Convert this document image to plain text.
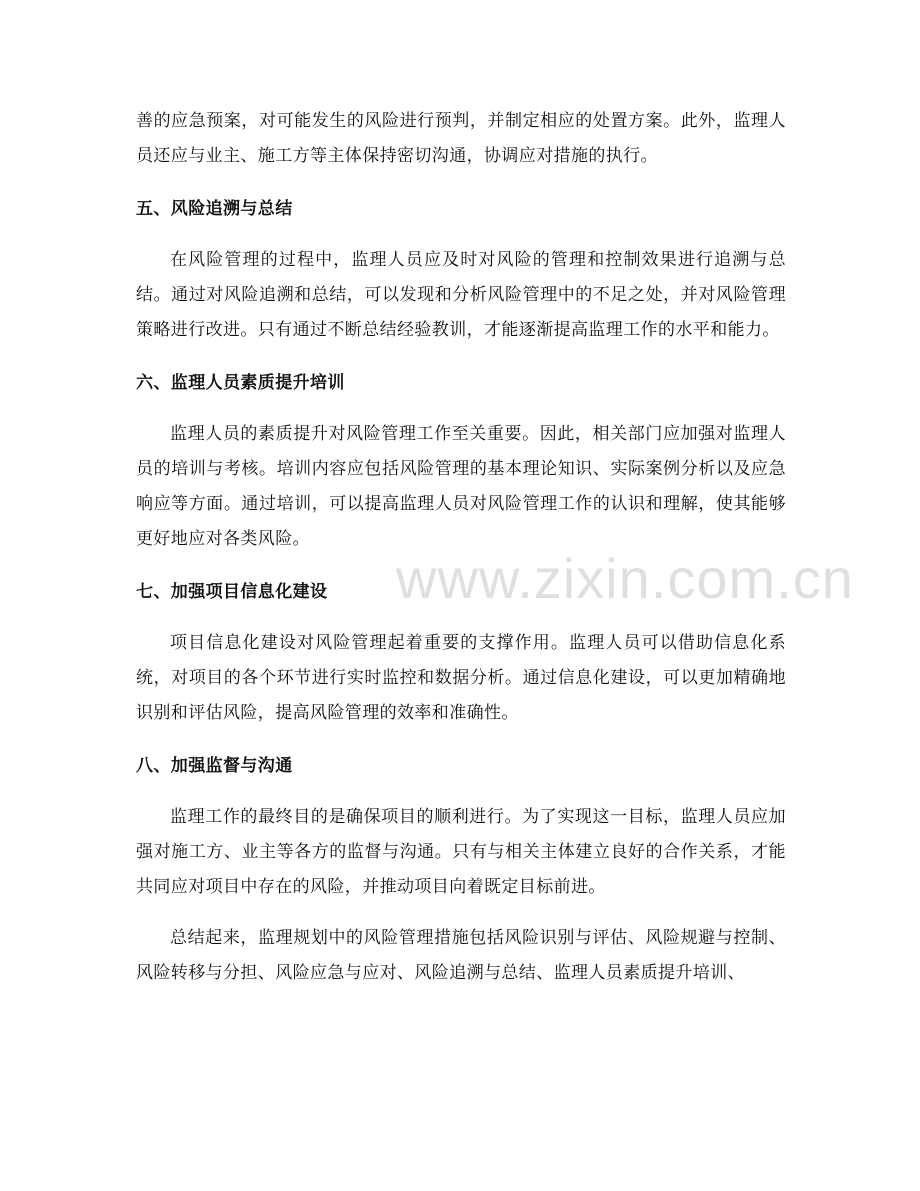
善的应急预案，对可能发生的风险进行预判，并制定相应的处置方案。此外，监理人员还应与业主、施工方等主体保持密切沟通，协调应对措施的执行。

五、风险追溯与总结

在风险管理的过程中，监理人员应及时对风险的管理和控制效果进行追溯与总结。通过对风险追溯和总结，可以发现和分析风险管理中的不足之处，并对风险管理策略进行改进。只有通过不断总结经验教训，才能逐渐提高监理工作的水平和能力。

六、监理人员素质提升培训

监理人员的素质提升对风险管理工作至关重要。因此，相关部门应加强对监理人员的培训与考核。培训内容应包括风险管理的基本理论知识、实际案例分析以及应急响应等方面。通过培训，可以提高监理人员对风险管理工作的认识和理解，使其能够更好地应对各类风险。

七、加强项目信息化建设

项目信息化建设对风险管理起着重要的支撑作用。监理人员可以借助信息化系统，对项目的各个环节进行实时监控和数据分析。通过信息化建设，可以更加精确地识别和评估风险，提高风险管理的效率和准确性。

八、加强监督与沟通

监理工作的最终目的是确保项目的顺利进行。为了实现这一目标，监理人员应加强对施工方、业主等各方的监督与沟通。只有与相关主体建立良好的合作关系，才能共同应对项目中存在的风险，并推动项目向着既定目标前进。

总结起来，监理规划中的风险管理措施包括风险识别与评估、风险规避与控制、风险转移与分担、风险应急与应对、风险追溯与总结、监理人员素质提升培训、

www.zixin.com.cn
